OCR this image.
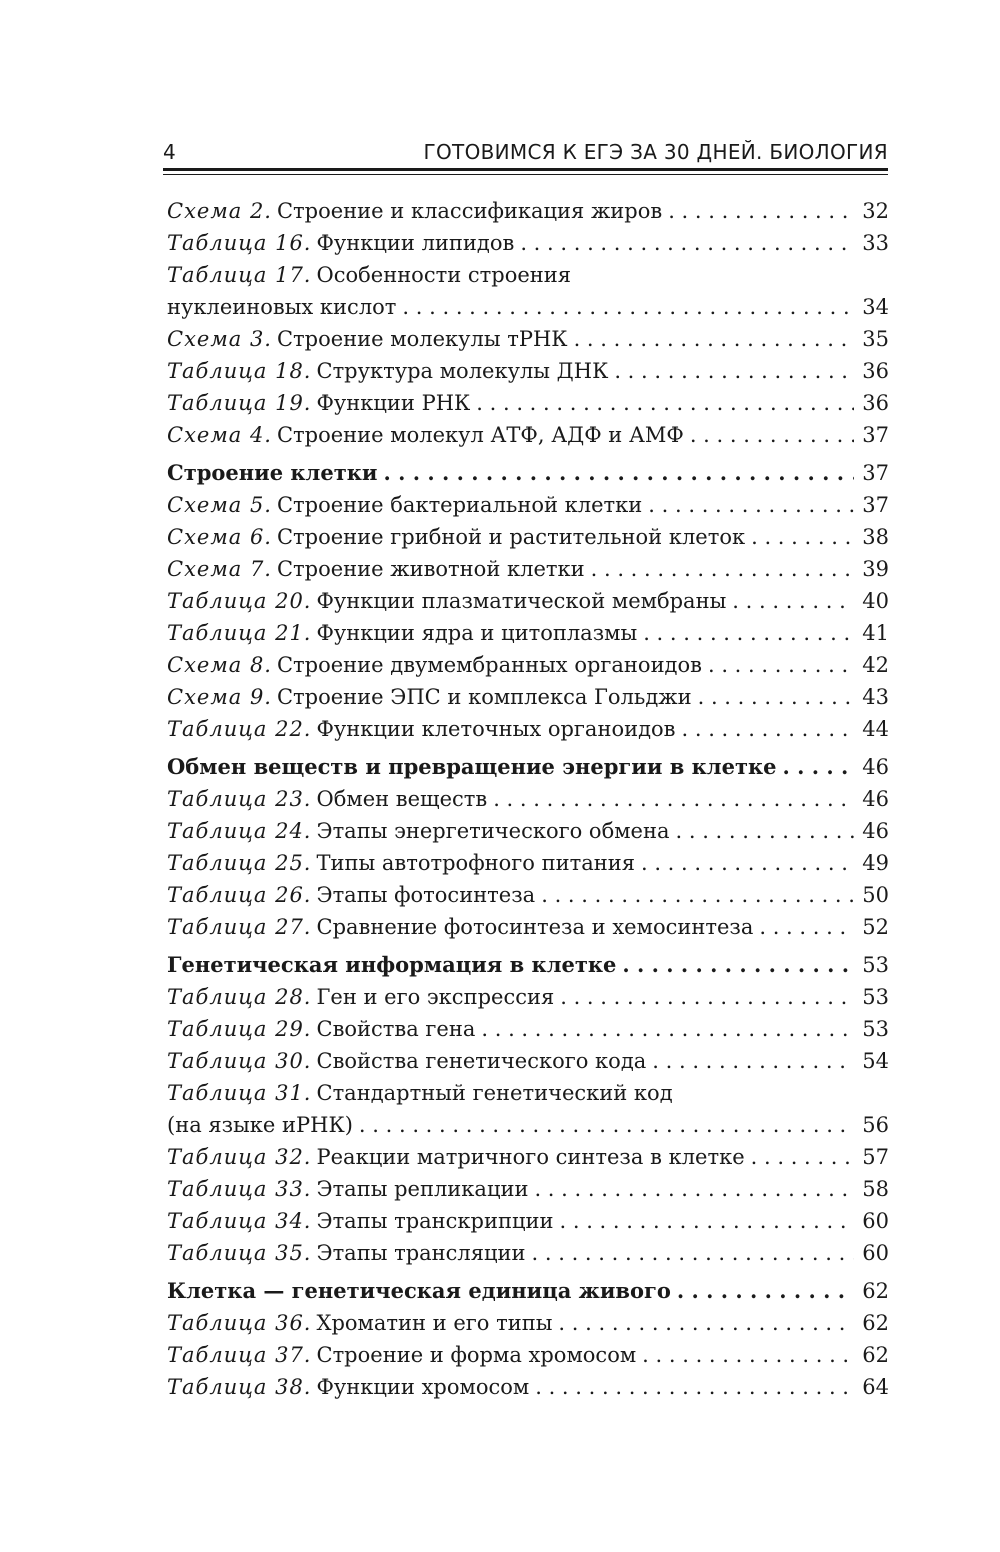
4	ГОТОВИМСЯ К ЕГЭ ЗА 30 ДНЕЙ. БИОЛОГИЯ
Схема 2. Строение и классификация жиров . . .	32
Таблица 16. Функции липидов . . .	33
Таблица 17. Особенности строения
нуклеиновых кислот . . .	34
Схема 3. Строение молекулы тРНК . . .	35
Таблица 18. Структура молекулы ДНК . . .	36
Таблица 19. Функции РНК . . .	36
Схема 4. Строение молекул АТФ, АДФ и АМФ . . .	37
Строение клетки . . .	37
Схема 5. Строение бактериальной клетки . . .	37
Схема 6. Строение грибной и растительной клеток . . .	38
Схема 7. Строение животной клетки . . .	39
Таблица 20. Функции плазматической мембраны . . .	40
Таблица 21. Функции ядра и цитоплазмы . . .	41
Схема 8. Строение двумембранных органоидов . . .	42
Схема 9. Строение ЭПС и комплекса Гольджи . . .	43
Таблица 22. Функции клеточных органоидов . . .	44
Обмен веществ и превращение энергии в клетке . . .	46
Таблица 23. Обмен веществ . . .	46
Таблица 24. Этапы энергетического обмена . . .	46
Таблица 25. Типы автотрофного питания . . .	49
Таблица 26. Этапы фотосинтеза . . .	50
Таблица 27. Сравнение фотосинтеза и хемосинтеза . . .	52
Генетическая информация в клетке . . .	53
Таблица 28. Ген и его экспрессия . . .	53
Таблица 29. Свойства гена . . .	53
Таблица 30. Свойства генетического кода . . .	54
Таблица 31. Стандартный генетический код
(на языке иРНК) . . .	56
Таблица 32. Реакции матричного синтеза в клетке . . .	57
Таблица 33. Этапы репликации . . .	58
Таблица 34. Этапы транскрипции . . .	60
Таблица 35. Этапы трансляции . . .	60
Клетка — генетическая единица живого . . .	62
Таблица 36. Хроматин и его типы . . .	62
Таблица 37. Строение и форма хромосом . . .	62
Таблица 38. Функции хромосом . . .	64
